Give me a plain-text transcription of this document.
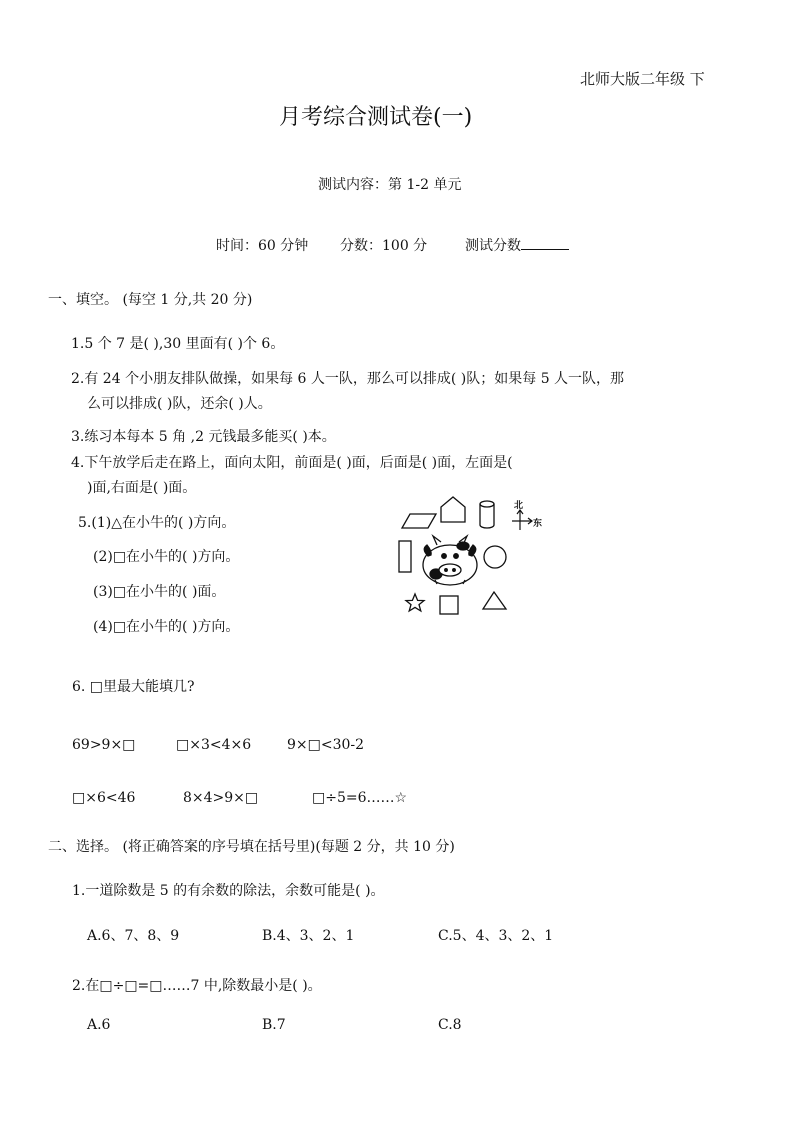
北师大版二年级 下
月考综合测试卷(一)
测试内容：第 1-2 单元
时间：60 分钟 分数：100 分	测试分数
一、填空。 (每空 1 分,共 20 分)
1.5 个 7 是( ),30 里面有( )个 6。
2.有 24 个小朋友排队做操，如果每 6 人一队，那么可以排成( )队；如果每 5 人一队，那
么可以排成( )队，还余( )人。
3.练习本每本 5 角 ,2 元钱最多能买( )本。
4.下午放学后走在路上，面向太阳，前面是( )面，后面是( )面，左面是(
)面,右面是( )面。
5.(1)△在小牛的( )方向。
(2)□在小牛的( )方向。
(3)□在小牛的( )面。
(4)□在小牛的( )方向。
北
东
6. □里最大能填几?
69>9×□	□×3<4×6	9×□<30-2
□×6<46	8×4>9×□	□÷5=6……☆
二、选择。 (将正确答案的序号填在括号里)(每题 2 分，共 10 分)
1.一道除数是 5 的有余数的除法，余数可能是( )。
A.6、7、8、9	B.4、3、2、1	C.5、4、3、2、1
2.在□÷□=□……7 中,除数最小是( )。
A.6	B.7	C.8
